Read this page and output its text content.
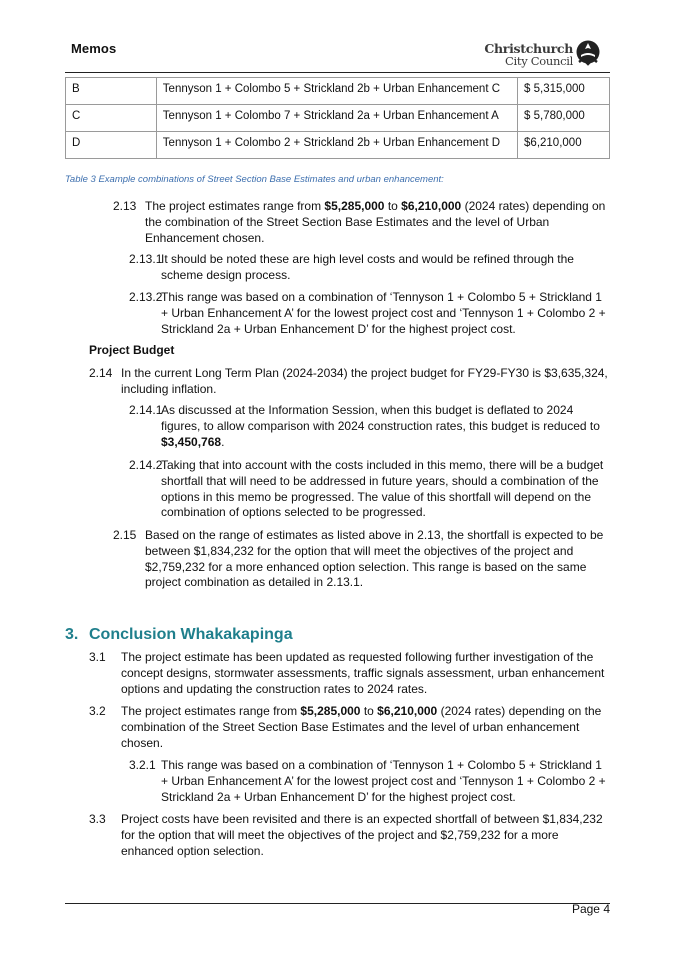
Memos	Christchurch
City Council
B	Tennyson 1 + Colombo 5 + Strickland 2b + Urban Enhancement C	$ 5,315,000
C	Tennyson 1 + Colombo 7 + Strickland 2a + Urban Enhancement A	$ 5,780,000
D	Tennyson 1 + Colombo 2 + Strickland 2b + Urban Enhancement D	$6,210,000
Table 3 Example combinations of Street Section Base Estimates and urban enhancement:
2.13 The project estimates range from $5,285,000 to $6,210,000 (2024 rates) depending on the combination of the Street Section Base Estimates and the level of Urban Enhancement chosen.
2.13.1
It should be noted these are high level costs and would be refined through the scheme design process.
2.13.2
This range was based on a combination of ‘Tennyson 1 + Colombo 5 + Strickland 1 + Urban Enhancement A’ for the lowest project cost and ‘Tennyson 1 + Colombo 2 + Strickland 2a + Urban Enhancement D’ for the highest project cost.
Project Budget
2.14 In the current Long Term Plan (2024-2034) the project budget for FY29-FY30 is $3,635,324, including inflation.
2.14.1
As discussed at the Information Session, when this budget is deflated to 2024 figures, to allow comparison with 2024 construction rates, this budget is reduced to $3,450,768.
2.14.2
Taking that into account with the costs included in this memo, there will be a budget shortfall that will need to be addressed in future years, should a combination of the options in this memo be progressed. The value of this shortfall will depend on the combination of options selected to be progressed.
2.15 Based on the range of estimates as listed above in 2.13, the shortfall is expected to be between $1,834,232 for the option that will meet the objectives of the project and $2,759,232 for a more enhanced option selection. This range is based on the same project combination as detailed in 2.13.1.
3. Conclusion Whakakapinga
3.1 The project estimate has been updated as requested following further investigation of the concept designs, stormwater assessments, traffic signals assessment, urban enhancement options and updating the construction rates to 2024 rates.
3.2 The project estimates range from $5,285,000 to $6,210,000 (2024 rates) depending on the combination of the Street Section Base Estimates and the level of urban enhancement chosen.
3.2.1 This range was based on a combination of ‘Tennyson 1 + Colombo 5 + Strickland 1 + Urban Enhancement A’ for the lowest project cost and ‘Tennyson 1 + Colombo 2 + Strickland 2a + Urban Enhancement D’ for the highest project cost.
3.3 Project costs have been revisited and there is an expected shortfall of between $1,834,232 for the option that will meet the objectives of the project and $2,759,232 for a more enhanced option selection.
Page 4
